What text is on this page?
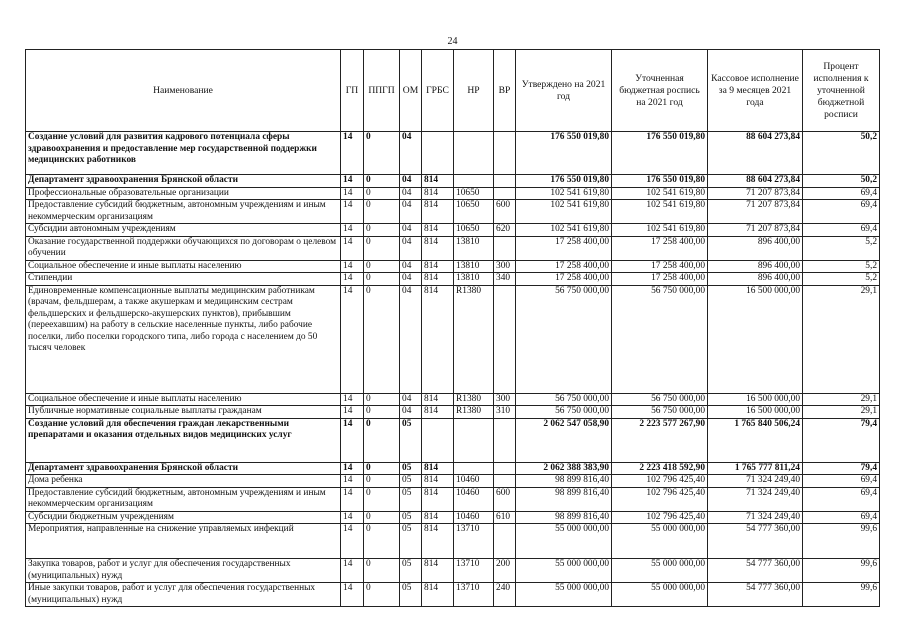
24
Наименование	ГП	ППГП	ОМ	ГРБС	НР	ВР	Утверждено на 2021 год	Уточненная бюджетная роспись на 2021 год	Кассовое исполнение за 9 месяцев 2021 года	Процент исполнения к уточненной бюджетной росписи
Создание условий для развития кадрового потенциала сферы здравоохранения и предоставление мер государственной поддержки медицинских работников	14	0	04				176 550 019,80	176 550 019,80	88 604 273,84	50,2
Департамент здравоохранения Брянской области	14	0	04	814			176 550 019,80	176 550 019,80	88 604 273,84	50,2
Профессиональные образовательные организации	14	0	04	814	10650		102 541 619,80	102 541 619,80	71 207 873,84	69,4
Предоставление субсидий бюджетным, автономным учреждениям и иным некоммерческим организациям	14	0	04	814	10650	600	102 541 619,80	102 541 619,80	71 207 873,84	69,4
Субсидии автономным учреждениям	14	0	04	814	10650	620	102 541 619,80	102 541 619,80	71 207 873,84	69,4
Оказание государственной поддержки обучающихся по договорам о целевом обучении	14	0	04	814	13810		17 258 400,00	17 258 400,00	896 400,00	5,2
Социальное обеспечение и иные выплаты населению	14	0	04	814	13810	300	17 258 400,00	17 258 400,00	896 400,00	5,2
Стипендии	14	0	04	814	13810	340	17 258 400,00	17 258 400,00	896 400,00	5,2
Единовременные компенсационные выплаты медицинским работникам (врачам, фельдшерам, а также акушеркам и медицинским сестрам фельдшерских и фельдшерско-акушерских пунктов), прибывшим (переехавшим) на работу в сельские населенные пункты, либо рабочие поселки, либо поселки городского типа, либо города с населением до 50 тысяч человек	14	0	04	814	R1380		56 750 000,00	56 750 000,00	16 500 000,00	29,1
Социальное обеспечение и иные выплаты населению	14	0	04	814	R1380	300	56 750 000,00	56 750 000,00	16 500 000,00	29,1
Публичные нормативные социальные выплаты гражданам	14	0	04	814	R1380	310	56 750 000,00	56 750 000,00	16 500 000,00	29,1
Создание условий для обеспечения граждан лекарственными препаратами и оказания отдельных видов медицинских услуг	14	0	05				2 062 547 058,90	2 223 577 267,90	1 765 840 506,24	79,4
Департамент здравоохранения Брянской области	14	0	05	814			2 062 388 383,90	2 223 418 592,90	1 765 777 811,24	79,4
Дома ребенка	14	0	05	814	10460		98 899 816,40	102 796 425,40	71 324 249,40	69,4
Предоставление субсидий бюджетным, автономным учреждениям и иным некоммерческим организациям	14	0	05	814	10460	600	98 899 816,40	102 796 425,40	71 324 249,40	69,4
Субсидии бюджетным учреждениям	14	0	05	814	10460	610	98 899 816,40	102 796 425,40	71 324 249,40	69,4
Мероприятия, направленные на снижение управляемых инфекций	14	0	05	814	13710		55 000 000,00	55 000 000,00	54 777 360,00	99,6
Закупка товаров, работ и услуг для обеспечения государственных (муниципальных) нужд	14	0	05	814	13710	200	55 000 000,00	55 000 000,00	54 777 360,00	99,6
Иные закупки товаров, работ и услуг для обеспечения государственных (муниципальных) нужд	14	0	05	814	13710	240	55 000 000,00	55 000 000,00	54 777 360,00	99,6
